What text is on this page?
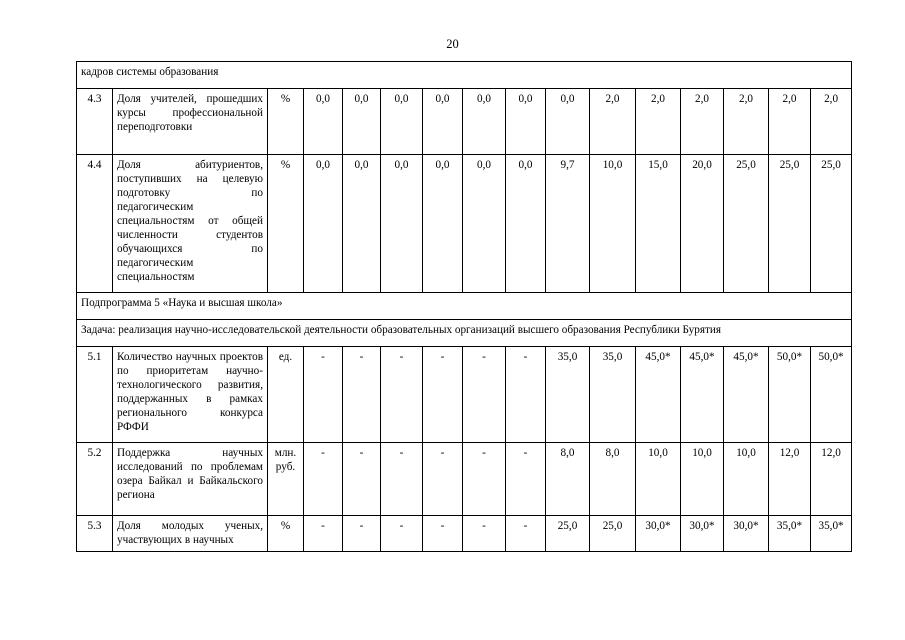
20
кадров системы образования															
4.3	Доля учителей, прошедших курсы профессиональной переподготовки	%	0,0	0,0	0,0	0,0	0,0	0,0	0,0	2,0	2,0	2,0	2,0	2,0	2,0
4.4	Доля абитуриентов, поступивших на целевую подготовку по педагогическим специальностям от общей численности студентов обучающихся по педагогическим специальностям	%	0,0	0,0	0,0	0,0	0,0	0,0	9,7	10,0	15,0	20,0	25,0	25,0	25,0
Подпрограмма 5 «Наука и высшая школа»															
Задача: реализация научно-исследовательской деятельности образовательных организаций высшего образования Республики Бурятия															
5.1	Количество научных проектов по приоритетам научно-технологического развития, поддержанных в рамках регионального конкурса РФФИ	ед.	-	-	-	-	-	-	35,0	35,0	45,0*	45,0*	45,0*	50,0*	50,0*
5.2	Поддержка научных исследований по проблемам озера Байкал и Байкальского региона	млн. руб.	-	-	-	-	-	-	8,0	8,0	10,0	10,0	10,0	12,0	12,0
5.3	Доля молодых ученых, участвующих в научных	%	-	-	-	-	-	-	25,0	25,0	30,0*	30,0*	30,0*	35,0*	35,0*
